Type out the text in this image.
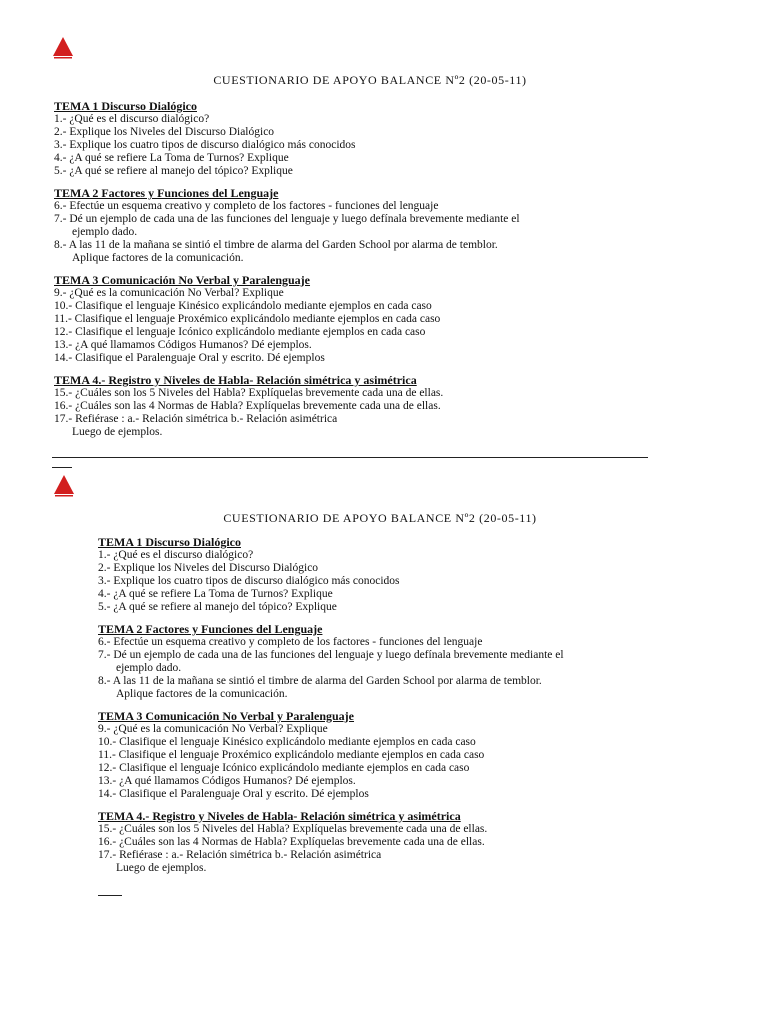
CUESTIONARIO DE APOYO BALANCE Nº2 (20-05-11)
TEMA 1 Discurso Dialógico
1.- ¿Qué es el discurso dialógico?
2.- Explique los Niveles del Discurso Dialógico
3.- Explique los cuatro tipos de discurso dialógico más conocidos
4.- ¿A qué se refiere La Toma de Turnos? Explique
5.- ¿A qué se refiere al manejo del tópico? Explique
TEMA 2 Factores y Funciones del Lenguaje
6.- Efectúe un esquema creativo y completo de los factores - funciones del lenguaje
7.- Dé un ejemplo de cada una de las funciones del lenguaje y luego defínala brevemente mediante el
ejemplo dado.
8.- A las 11 de la mañana se sintió el timbre de alarma del Garden School por alarma de temblor.
Aplique factores de la comunicación.
TEMA 3 Comunicación No Verbal y Paralenguaje
9.- ¿Qué es la comunicación No Verbal? Explique
10.- Clasifique el lenguaje Kinésico explicándolo mediante ejemplos en cada caso
11.- Clasifique el lenguaje Proxémico explicándolo mediante ejemplos en cada caso
12.- Clasifique el lenguaje Icónico explicándolo mediante ejemplos en cada caso
13.- ¿A qué llamamos Códigos Humanos? Dé ejemplos.
14.- Clasifique el Paralenguaje Oral y escrito. Dé ejemplos
TEMA 4.- Registro y Niveles de Habla- Relación simétrica y asimétrica
15.- ¿Cuáles son los 5 Niveles del Habla? Explíquelas brevemente cada una de ellas.
16.- ¿Cuáles son las 4 Normas de Habla? Explíquelas brevemente cada una de ellas.
17.- Refiérase : a.- Relación simétrica b.- Relación asimétrica
Luego de ejemplos.
CUESTIONARIO DE APOYO BALANCE Nº2 (20-05-11)
TEMA 1 Discurso Dialógico
1.- ¿Qué es el discurso dialógico?
2.- Explique los Niveles del Discurso Dialógico
3.- Explique los cuatro tipos de discurso dialógico más conocidos
4.- ¿A qué se refiere La Toma de Turnos? Explique
5.- ¿A qué se refiere al manejo del tópico? Explique
TEMA 2 Factores y Funciones del Lenguaje
6.- Efectúe un esquema creativo y completo de los factores - funciones del lenguaje
7.- Dé un ejemplo de cada una de las funciones del lenguaje y luego defínala brevemente mediante el
ejemplo dado.
8.- A las 11 de la mañana se sintió el timbre de alarma del Garden School por alarma de temblor.
Aplique factores de la comunicación.
TEMA 3 Comunicación No Verbal y Paralenguaje
9.- ¿Qué es la comunicación No Verbal? Explique
10.- Clasifique el lenguaje Kinésico explicándolo mediante ejemplos en cada caso
11.- Clasifique el lenguaje Proxémico explicándolo mediante ejemplos en cada caso
12.- Clasifique el lenguaje Icónico explicándolo mediante ejemplos en cada caso
13.- ¿A qué llamamos Códigos Humanos? Dé ejemplos.
14.- Clasifique el Paralenguaje Oral y escrito. Dé ejemplos
TEMA 4.- Registro y Niveles de Habla- Relación simétrica y asimétrica
15.- ¿Cuáles son los 5 Niveles del Habla? Explíquelas brevemente cada una de ellas.
16.- ¿Cuáles son las 4 Normas de Habla? Explíquelas brevemente cada una de ellas.
17.- Refiérase : a.- Relación simétrica b.- Relación asimétrica
Luego de ejemplos.
